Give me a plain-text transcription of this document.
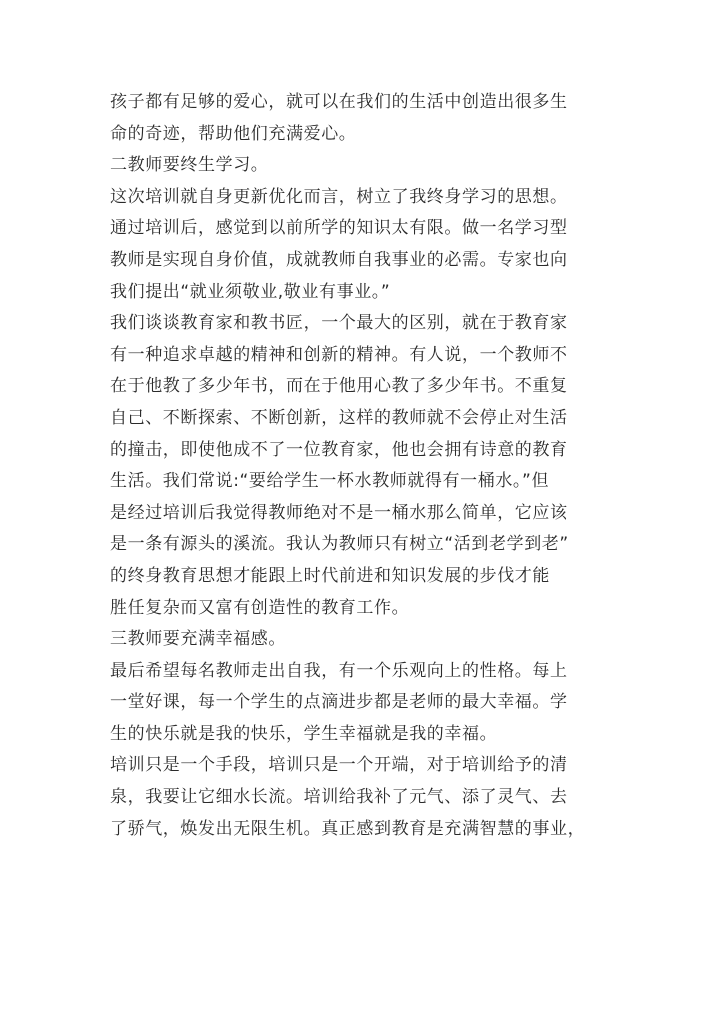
孩子都有足够的爱心，就可以在我们的生活中创造出很多生
命的奇迹，帮助他们充满爱心。
二教师要终生学习。
这次培训就自身更新优化而言，树立了我终身学习的思想。
通过培训后，感觉到以前所学的知识太有限。做一名学习型
教师是实现自身价值，成就教师自我事业的必需。专家也向
我们提出“就业须敬业,敬业有事业。”
我们谈谈教育家和教书匠，一个最大的区别，就在于教育家
有一种追求卓越的精神和创新的精神。有人说，一个教师不
在于他教了多少年书，而在于他用心教了多少年书。不重复
自己、不断探索、不断创新，这样的教师就不会停止对生活
的撞击，即使他成不了一位教育家，他也会拥有诗意的教育
生活。我们常说:“要给学生一杯水教师就得有一桶水。”但
是经过培训后我觉得教师绝对不是一桶水那么简单，它应该
是一条有源头的溪流。我认为教师只有树立“活到老学到老”
的终身教育思想才能跟上时代前进和知识发展的步伐才能
胜任复杂而又富有创造性的教育工作。
三教师要充满幸福感。
最后希望每名教师走出自我，有一个乐观向上的性格。每上
一堂好课，每一个学生的点滴进步都是老师的最大幸福。学
生的快乐就是我的快乐，学生幸福就是我的幸福。
培训只是一个手段，培训只是一个开端，对于培训给予的清
泉，我要让它细水长流。培训给我补了元气、添了灵气、去
了骄气，焕发出无限生机。真正感到教育是充满智慧的事业，
